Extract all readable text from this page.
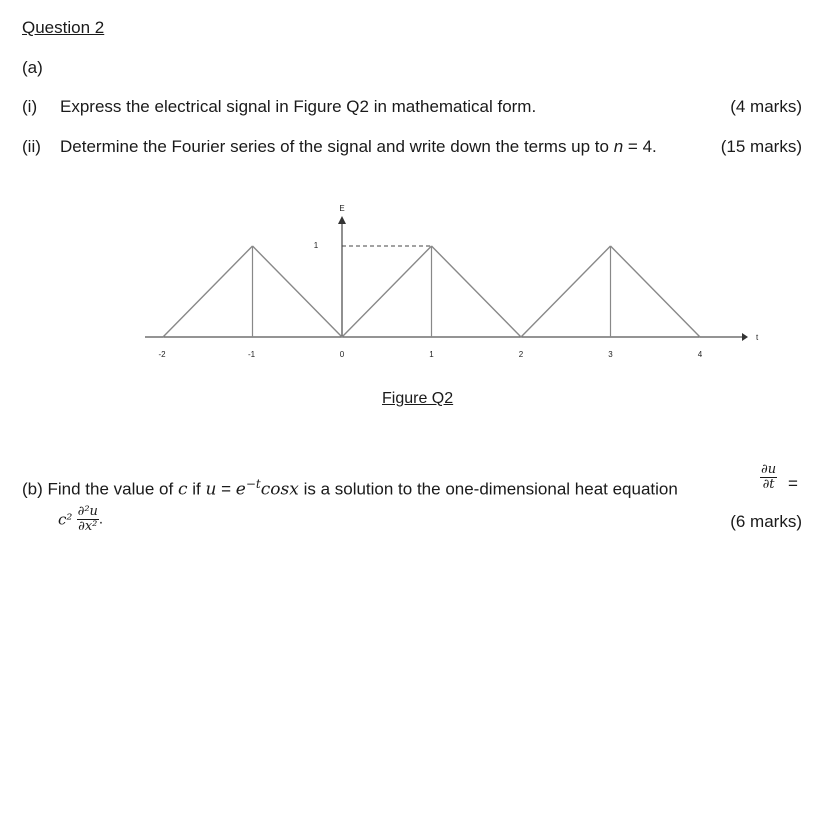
Question 2
(a)
(i) Express the electrical signal in Figure Q2 in mathematical form.	(4 marks)
(ii) Determine the Fourier series of the signal and write down the terms up to n = 4.	(15 marks)
E
t
1
-2	-1	0	1	2	3	4
Figure Q2
(b) Find the value of c if $u = e^{-t}\cos x$ is a solution to the one-dimensional heat equation	$\frac{\partial u}{\partial t}$ =
$c^2 \frac{\text{∂²u}}{\text{∂x²}}$ .	(6 marks)
